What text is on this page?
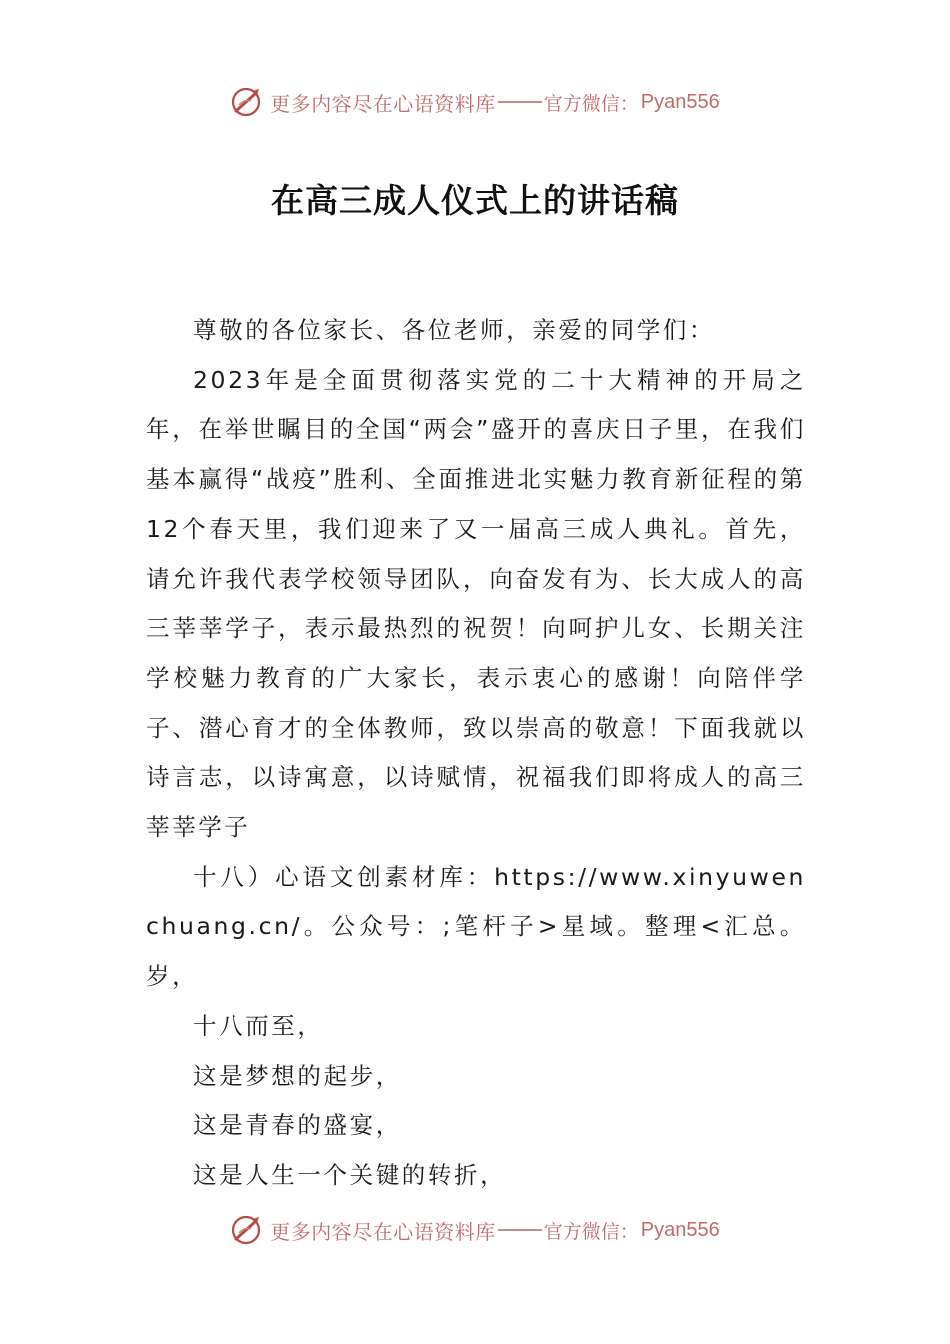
更多内容尽在心语资料库	官方微信： Pyan556
在高三成人仪式上的讲话稿

尊敬的各位家长、各位老师，亲爱的同学们：

2023年是全面贯彻落实党的二十大精神的开局之年，在举世瞩目的全国“两会”盛开的喜庆日子里，在我们基本赢得“战疫”胜利、全面推进北实魅力教育新征程的第12个春天里，我们迎来了又一届高三成人典礼。首先，请允许我代表学校领导团队，向奋发有为、长大成人的高三莘莘学子，表示最热烈的祝贺！向呵护儿女、长期关注学校魅力教育的广大家长，表示衷心的感谢！向陪伴学子、潜心育才的全体教师，致以崇高的敬意！下面我就以诗言志，以诗寓意，以诗赋情，祝福我们即将成人的高三莘莘学子

十八）心语文创素材库：https://www.xinyuwenchuang.cn/。公众号：;笔杆子>星域。整理<汇总。岁，

十八而至，

这是梦想的起步，

这是青春的盛宴，

这是人生一个关键的转折，

更多内容尽在心语资料库	官方微信： Pyan556
